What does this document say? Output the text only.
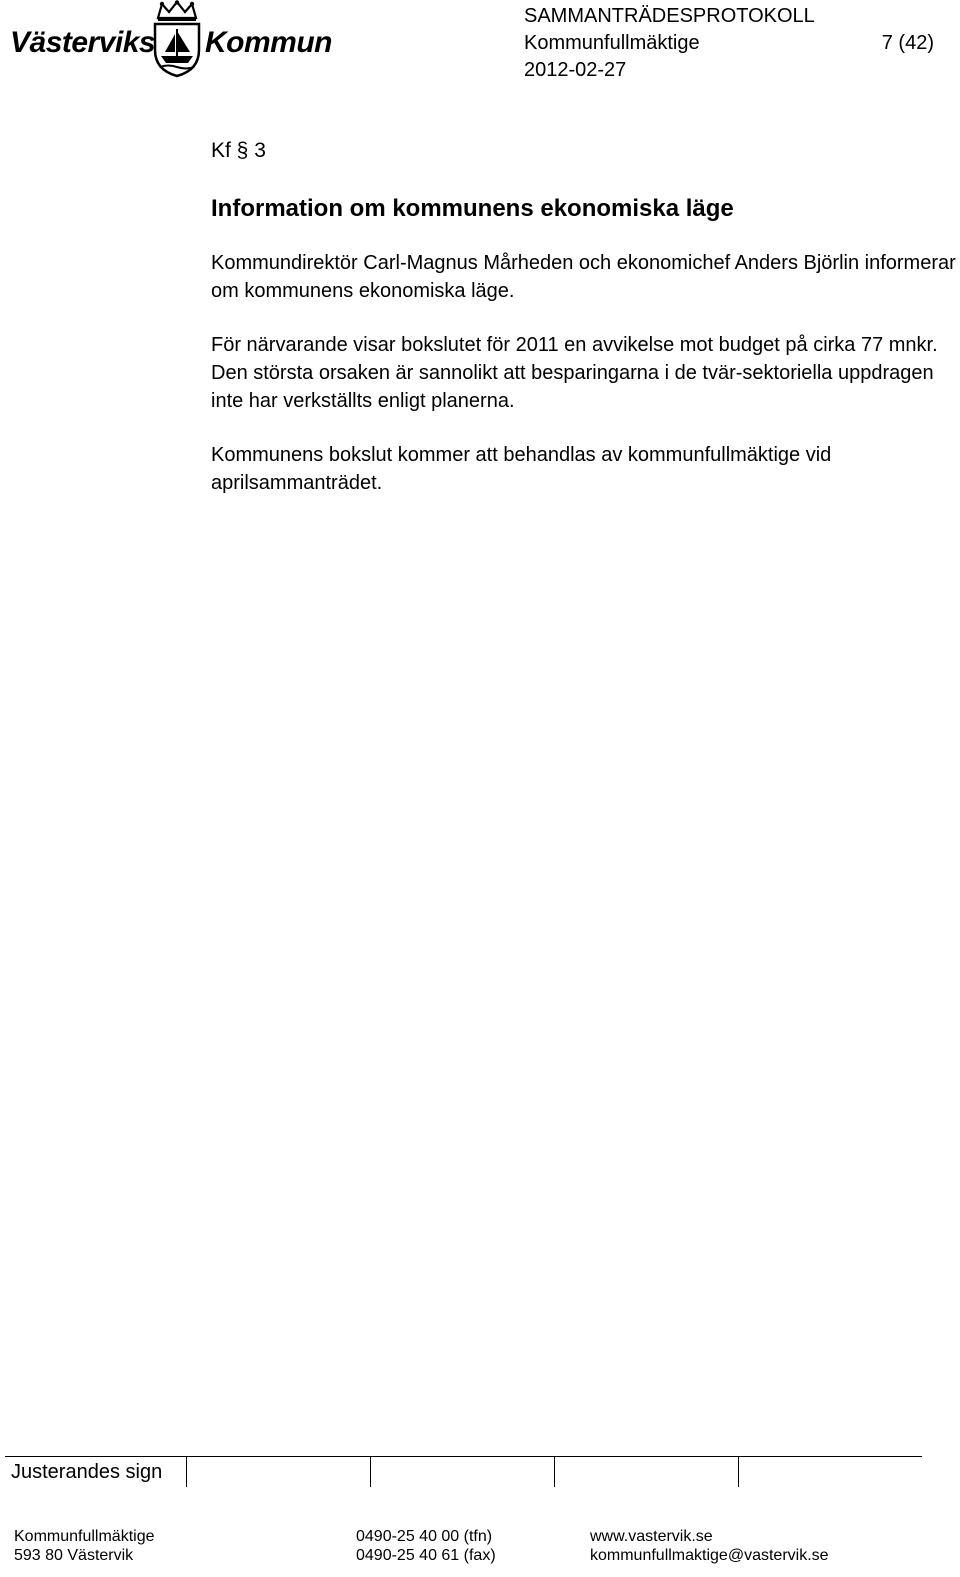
Västerviks Kommun
SAMMANTRÄDESPROTOKOLL
Kommunfullmäktige
2012-02-27
7 (42)

Kf § 3

Information om kommunens ekonomiska läge

Kommundirektör Carl-Magnus Mårheden och ekonomichef Anders Björlin informerar om kommunens ekonomiska läge.

För närvarande visar bokslutet för 2011 en avvikelse mot budget på cirka 77 mnkr. Den största orsaken är sannolikt att besparingarna i de tvär-sektoriella uppdragen inte har verkställts enligt planerna.

Kommunens bokslut kommer att behandlas av kommunfullmäktige vid aprilsammanträdet.

Justerandes sign
Kommunfullmäktige
593 80 Västervik
0490-25 40 00 (tfn)
0490-25 40 61 (fax)
www.vastervik.se
kommunfullmaktige@vastervik.se
